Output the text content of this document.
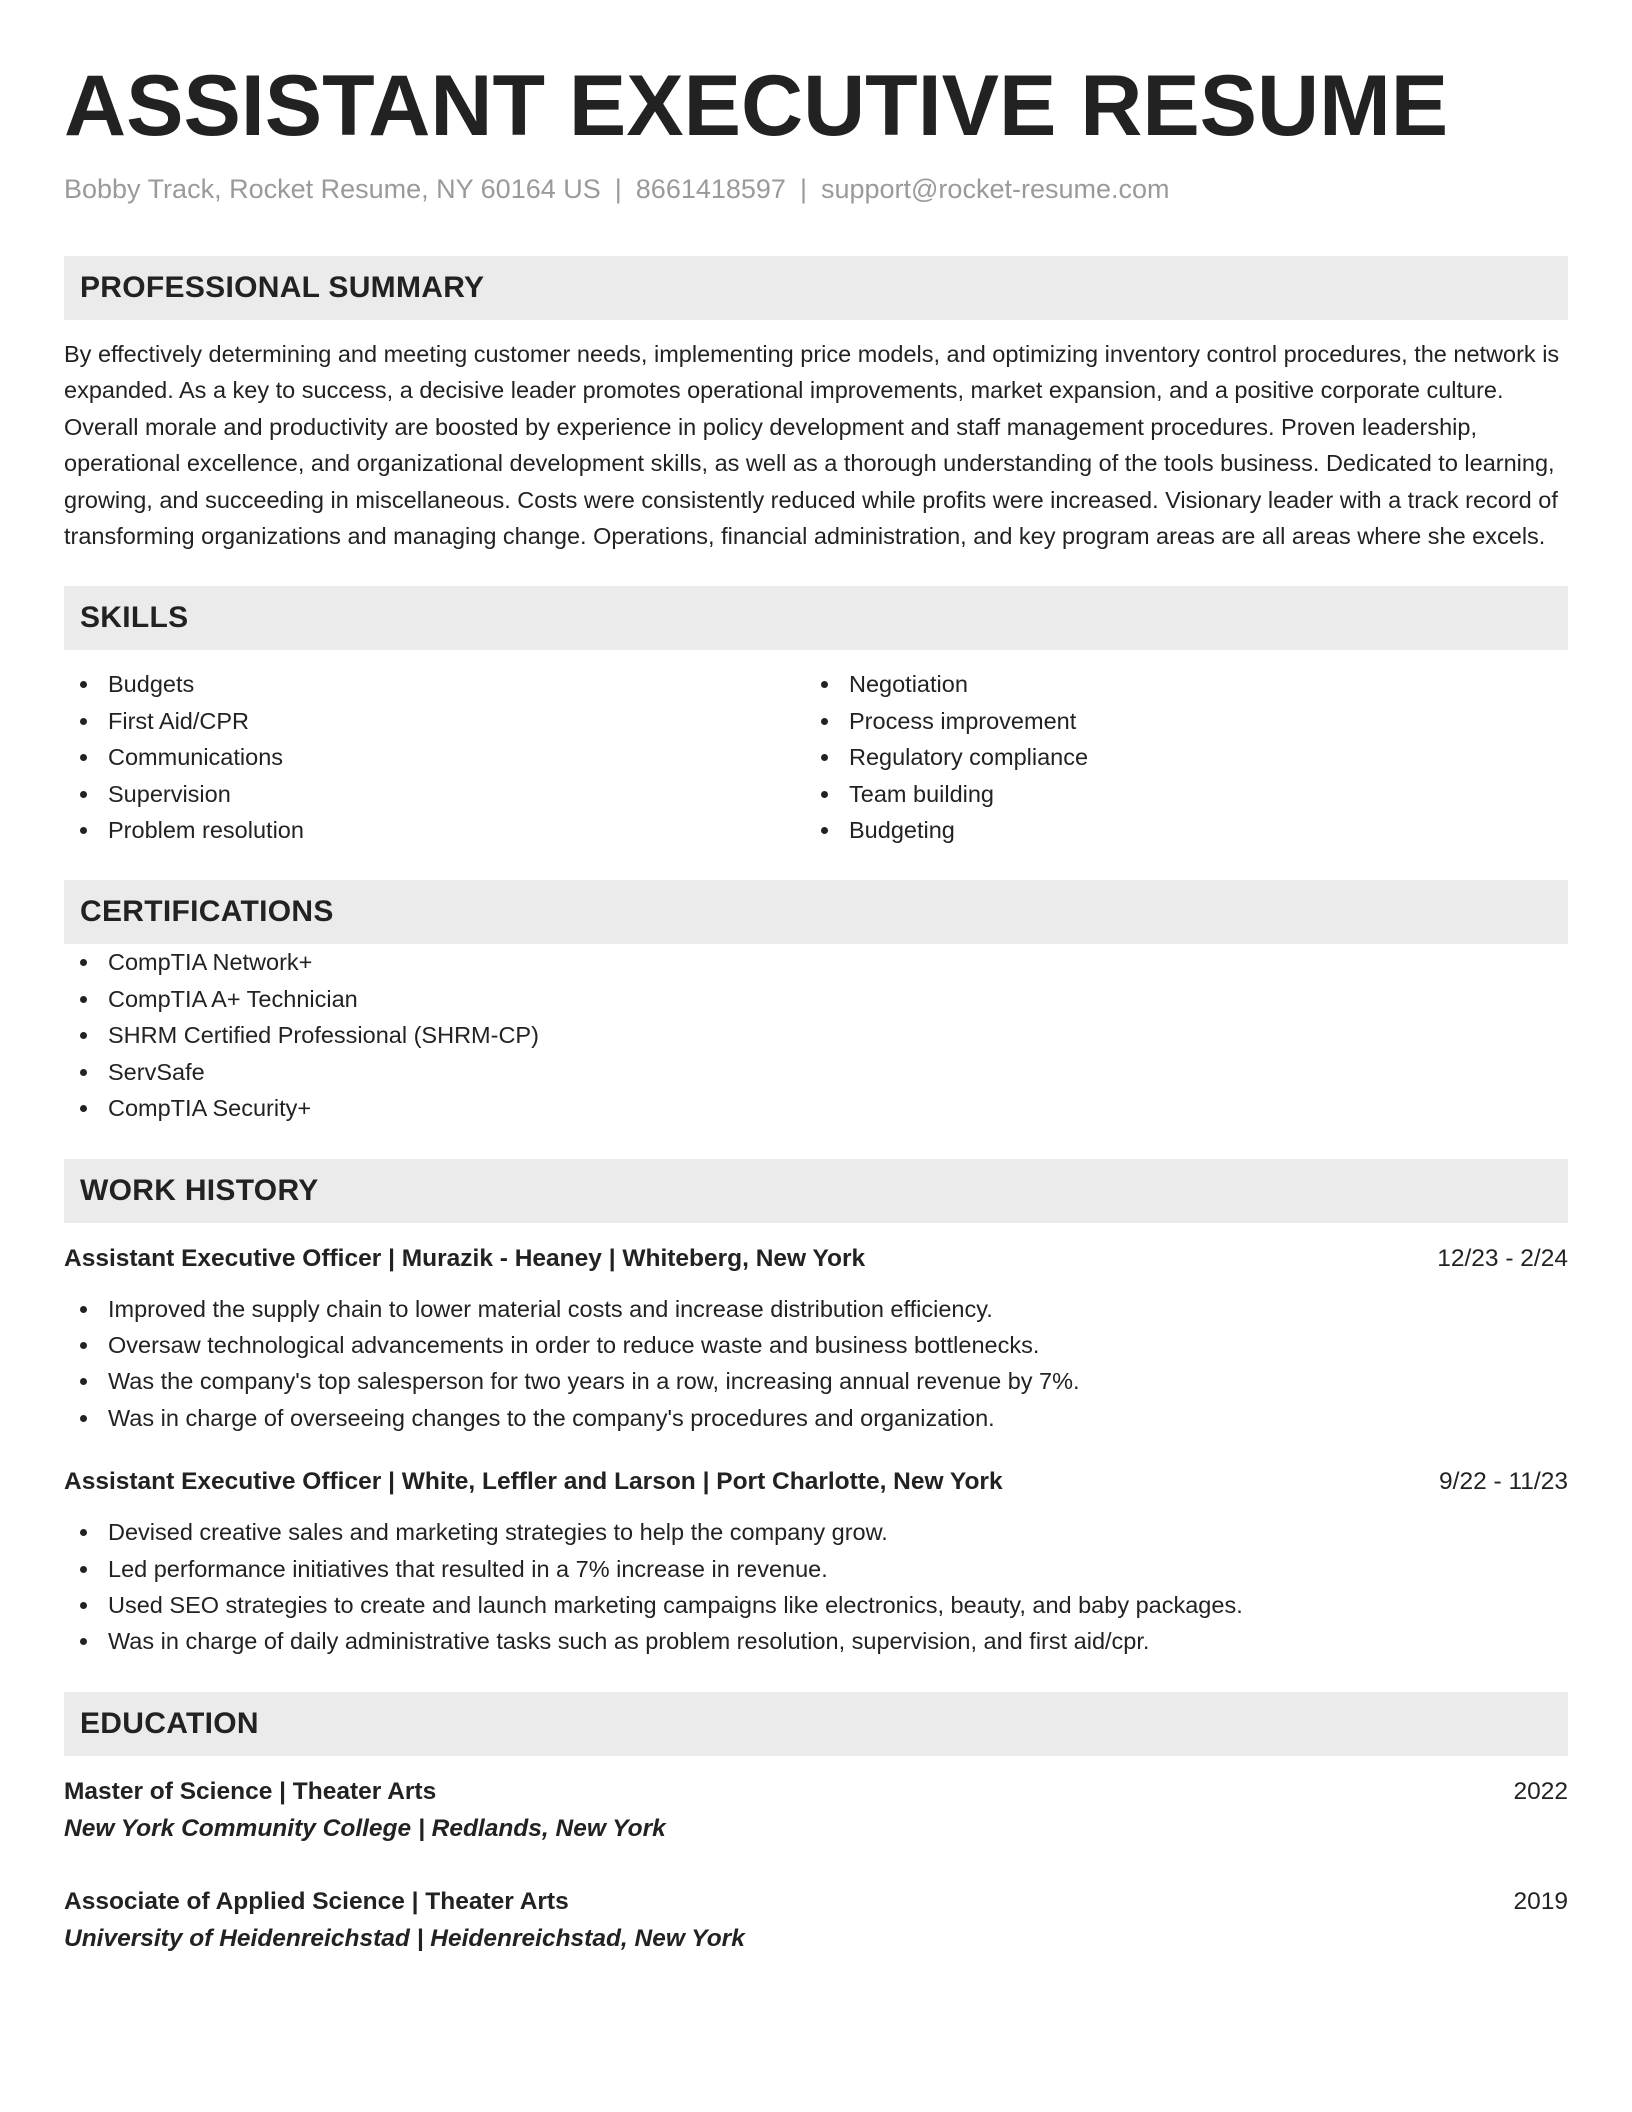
ASSISTANT EXECUTIVE RESUME
Bobby Track, Rocket Resume, NY 60164 US | 8661418597 | support@rocket-resume.com
PROFESSIONAL SUMMARY

By effectively determining and meeting customer needs, implementing price models, and optimizing inventory control procedures, the network is expanded. As a key to success, a decisive leader promotes operational improvements, market expansion, and a positive corporate culture. Overall morale and productivity are boosted by experience in policy development and staff management procedures. Proven leadership, operational excellence, and organizational development skills, as well as a thorough understanding of the tools business. Dedicated to learning, growing, and succeeding in miscellaneous. Costs were consistently reduced while profits were increased. Visionary leader with a track record of transforming organizations and managing change. Operations, financial administration, and key program areas are all areas where she excels.

SKILLS
Budgets
First Aid/CPR
Communications
Supervision
Problem resolution
Negotiation
Process improvement
Regulatory compliance
Team building
Budgeting
CERTIFICATIONS
CompTIA Network+
CompTIA A+ Technician
SHRM Certified Professional (SHRM-CP)
ServSafe
CompTIA Security+
WORK HISTORY
Assistant Executive Officer | Murazik - Heaney | Whiteberg, New York	12/23 - 2/24
Improved the supply chain to lower material costs and increase distribution efficiency.
Oversaw technological advancements in order to reduce waste and business bottlenecks.
Was the company's top salesperson for two years in a row, increasing annual revenue by 7%.
Was in charge of overseeing changes to the company's procedures and organization.
Assistant Executive Officer | White, Leffler and Larson | Port Charlotte, New York	9/22 - 11/23
Devised creative sales and marketing strategies to help the company grow.
Led performance initiatives that resulted in a 7% increase in revenue.
Used SEO strategies to create and launch marketing campaigns like electronics, beauty, and baby packages.
Was in charge of daily administrative tasks such as problem resolution, supervision, and first aid/cpr.
EDUCATION
Master of Science | Theater Arts	2022
New York Community College | Redlands, New York
Associate of Applied Science | Theater Arts	2019
University of Heidenreichstad | Heidenreichstad, New York
